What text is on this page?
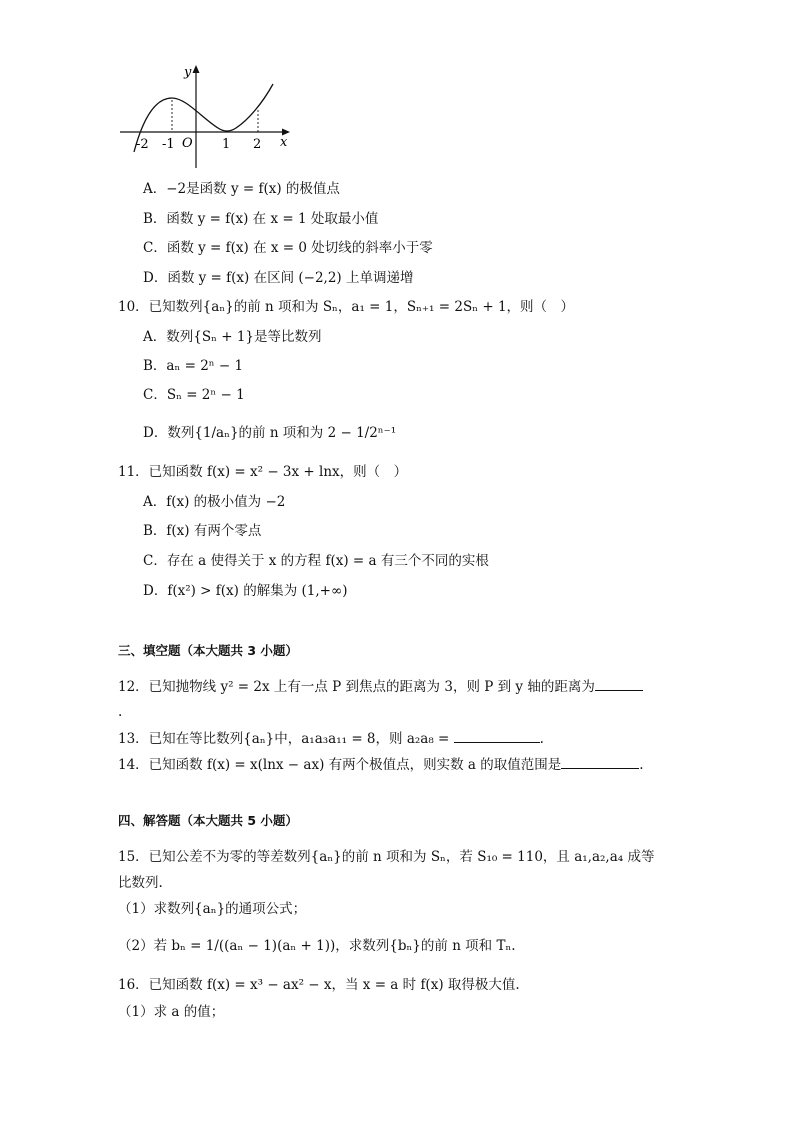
y
x
O
-2 -1	1 2
A．−2是函数 y = f(x) 的极值点
B．函数 y = f(x) 在 x = 1 处取最小值
C．函数 y = f(x) 在 x = 0 处切线的斜率小于零
D．函数 y = f(x) 在区间 (−2,2) 上单调递增
10．已知数列{aₙ}的前 n 项和为 Sₙ，a₁ = 1，Sₙ₊₁ = 2Sₙ + 1，则（　）
A．数列{Sₙ + 1}是等比数列
B．aₙ = 2ⁿ − 1
C．Sₙ = 2ⁿ − 1
D．数列{1/aₙ}的前 n 项和为 2 − 1/2ⁿ⁻¹
11．已知函数 f(x) = x² − 3x + lnx，则（　）
A．f(x) 的极小值为 −2
B．f(x) 有两个零点
C．存在 a 使得关于 x 的方程 f(x) = a 有三个不同的实根
D．f(x²) > f(x) 的解集为 (1,+∞)
三、填空题（本大题共 3 小题）
12．已知抛物线 y² = 2x 上有一点 P 到焦点的距离为 3，则 P 到 y 轴的距离为
.
13．已知在等比数列{aₙ}中，a₁a₃a₁₁ = 8，则 a₂a₈ =	.
14．已知函数 f(x) = x(lnx − ax) 有两个极值点，则实数 a 的取值范围是	.
四、解答题（本大题共 5 小题）
15．已知公差不为零的等差数列{aₙ}的前 n 项和为 Sₙ，若 S₁₀ = 110，且 a₁,a₂,a₄ 成等
比数列.
（1）求数列{aₙ}的通项公式；
（2）若 bₙ = 1/((aₙ − 1)(aₙ + 1))，求数列{bₙ}的前 n 项和 Tₙ.
16．已知函数 f(x) = x³ − ax² − x，当 x = a 时 f(x) 取得极大值.
（1）求 a 的值；
